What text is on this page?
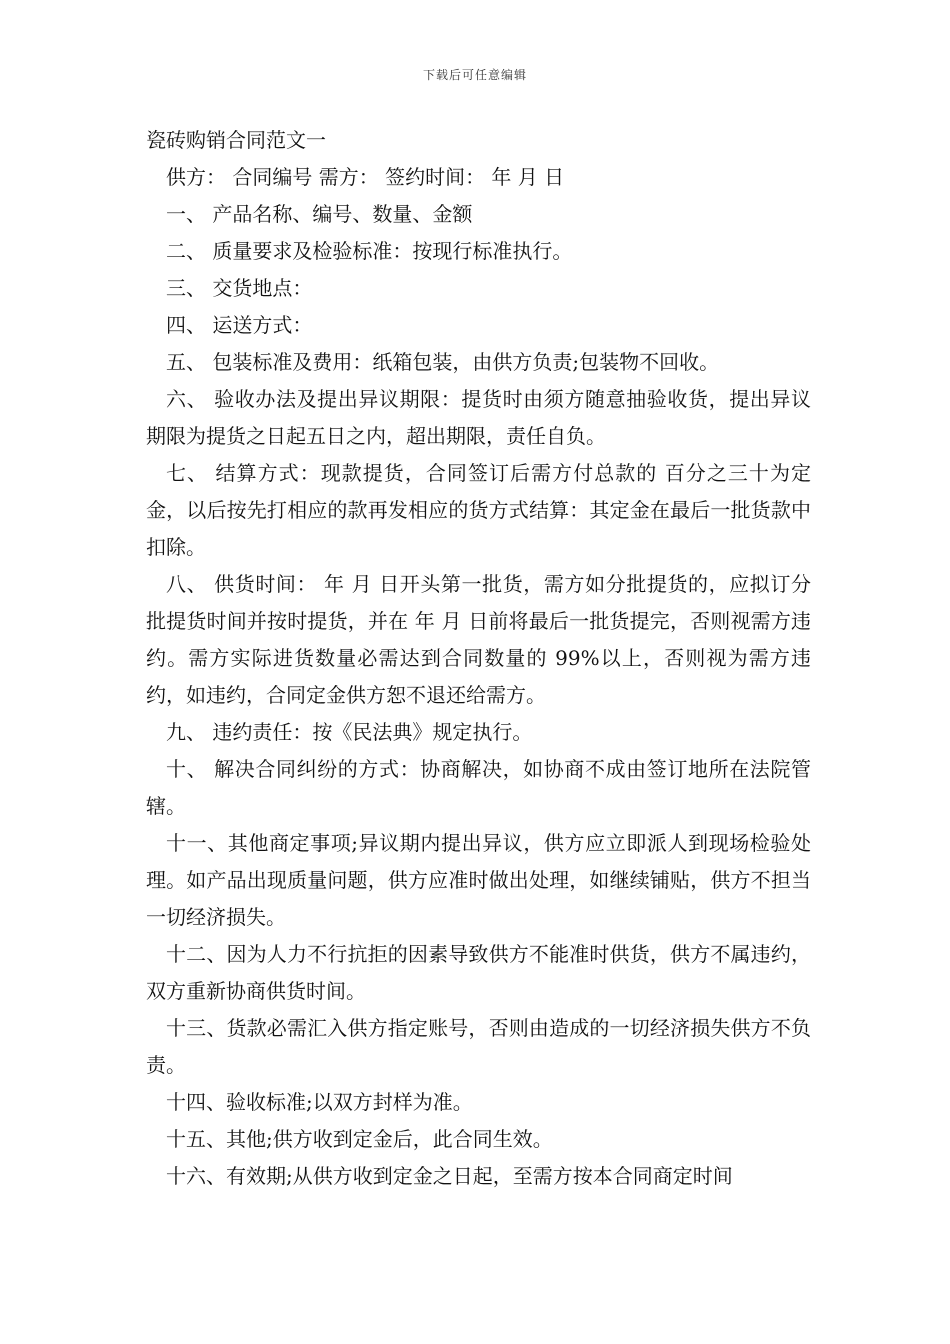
下载后可任意编辑
瓷砖购销合同范文一

供方： 合同编号 需方： 签约时间： 年 月 日

一、 产品名称、编号、数量、金额

二、 质量要求及检验标准：按现行标准执行。

三、 交货地点：

四、 运送方式：

五、 包装标准及费用：纸箱包装，由供方负责;包装物不回收。

六、 验收办法及提出异议期限：提货时由须方随意抽验收货，提出异议期限为提货之日起五日之内，超出期限，责任自负。

七、 结算方式：现款提货，合同签订后需方付总款的 百分之三十为定金，以后按先打相应的款再发相应的货方式结算：其定金在最后一批货款中扣除。

八、 供货时间： 年 月 日开头第一批货，需方如分批提货的，应拟订分批提货时间并按时提货，并在 年 月 日前将最后一批货提完，否则视需方违约。需方实际进货数量必需达到合同数量的 99%以上，否则视为需方违约，如违约，合同定金供方恕不退还给需方。

九、 违约责任：按《民法典》规定执行。

十、 解决合同纠纷的方式：协商解决，如协商不成由签订地所在法院管辖。

十一、其他商定事项;异议期内提出异议，供方应立即派人到现场检验处理。如产品出现质量问题，供方应准时做出处理，如继续铺贴，供方不担当一切经济损失。

十二、因为人力不行抗拒的因素导致供方不能准时供货，供方不属违约，双方重新协商供货时间。

十三、货款必需汇入供方指定账号，否则由造成的一切经济损失供方不负责。

十四、验收标准;以双方封样为准。

十五、其他;供方收到定金后，此合同生效。

十六、有效期;从供方收到定金之日起，至需方按本合同商定时间
